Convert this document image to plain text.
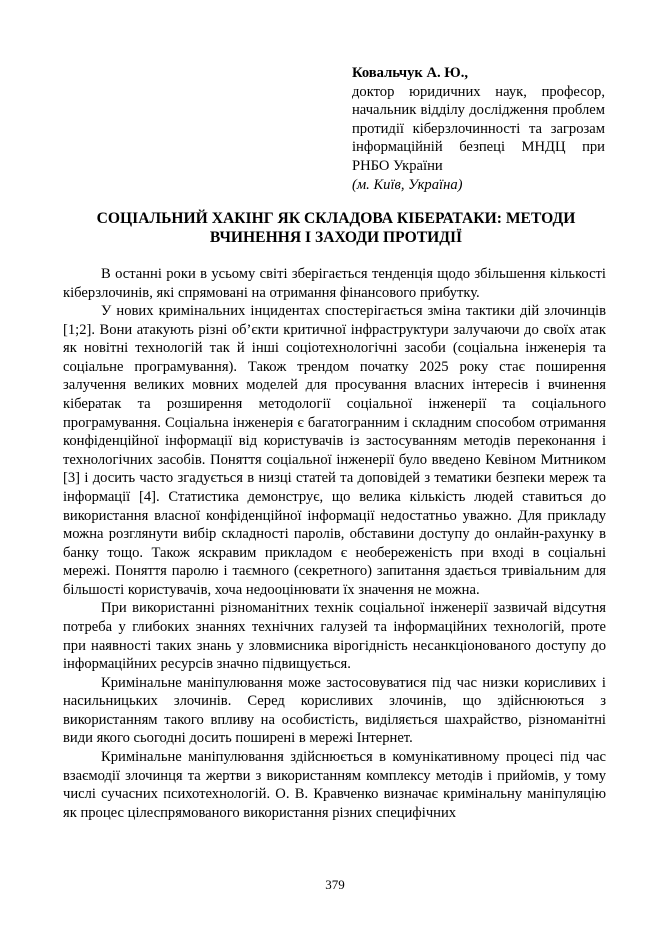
Ковальчук А. Ю.,
доктор юридичних наук, професор, начальник відділу дослідження проблем протидії кіберзлочинності та загрозам інформаційній безпеці МНДЦ при РНБО України
(м. Київ, Україна)
СОЦІАЛЬНИЙ ХАКІНГ ЯК СКЛАДОВА КІБЕРАТАКИ: МЕТОДИ
ВЧИНЕННЯ І ЗАХОДИ ПРОТИДІЇ

В останні роки в усьому світі зберігається тенденція щодо збільшення кількості кіберзлочинів, які спрямовані на отримання фінансового прибутку.

У нових кримінальних інцидентах спостерігається зміна тактики дій злочинців [1;2]. Вони атакують різні об’єкти критичної інфраструктури залучаючи до своїх атак як новітні технологій так й інші соціотехнологічні засоби (соціальна інженерія та соціальне програмування). Також трендом початку 2025 року стає поширення залучення великих мовних моделей для просування власних інтересів і вчинення кібератак та розширення методології соціальної інженерії та соціального програмування. Соціальна інженерія є багатогранним і складним способом отримання конфіденційної інформації від користувачів із застосуванням методів переконання і технологічних засобів. Поняття соціальної інженерії було введено Кевіном Митником [3] і досить часто згадується в низці статей та доповідей з тематики безпеки мереж та інформації [4]. Статистика демонструє, що велика кількість людей ставиться до використання власної конфіденційної інформації недостатньо уважно. Для прикладу можна розглянути вибір складності паролів, обставини доступу до онлайн-рахунку в банку тощо. Також яскравим прикладом є необереженість при вході в соціальні мережі. Поняття паролю і таємного (секретного) запитання здається тривіальним для більшості користувачів, хоча недооцінювати їх значення не можна.

При використанні різноманітних технік соціальної інженерії зазвичай відсутня потреба у глибоких знаннях технічних галузей та інформаційних технологій, проте при наявності таких знань у зловмисника вірогідність несанкціонованого доступу до інформаційних ресурсів значно підвищується.

Кримінальне маніпулювання може застосовуватися під час низки корисливих і насильницьких злочинів. Серед корисливих злочинів, що здійснюються з використанням такого впливу на особистість, виділяється шахрайство, різноманітні види якого сьогодні досить поширені в мережі Інтернет.

Кримінальне маніпулювання здійснюється в комунікативному процесі під час взаємодії злочинця та жертви з використанням комплексу методів і прийомів, у тому числі сучасних психотехнологій. О. В. Кравченко визначає кримінальну маніпуляцію як процес цілеспрямованого використання різних специфічних

379
